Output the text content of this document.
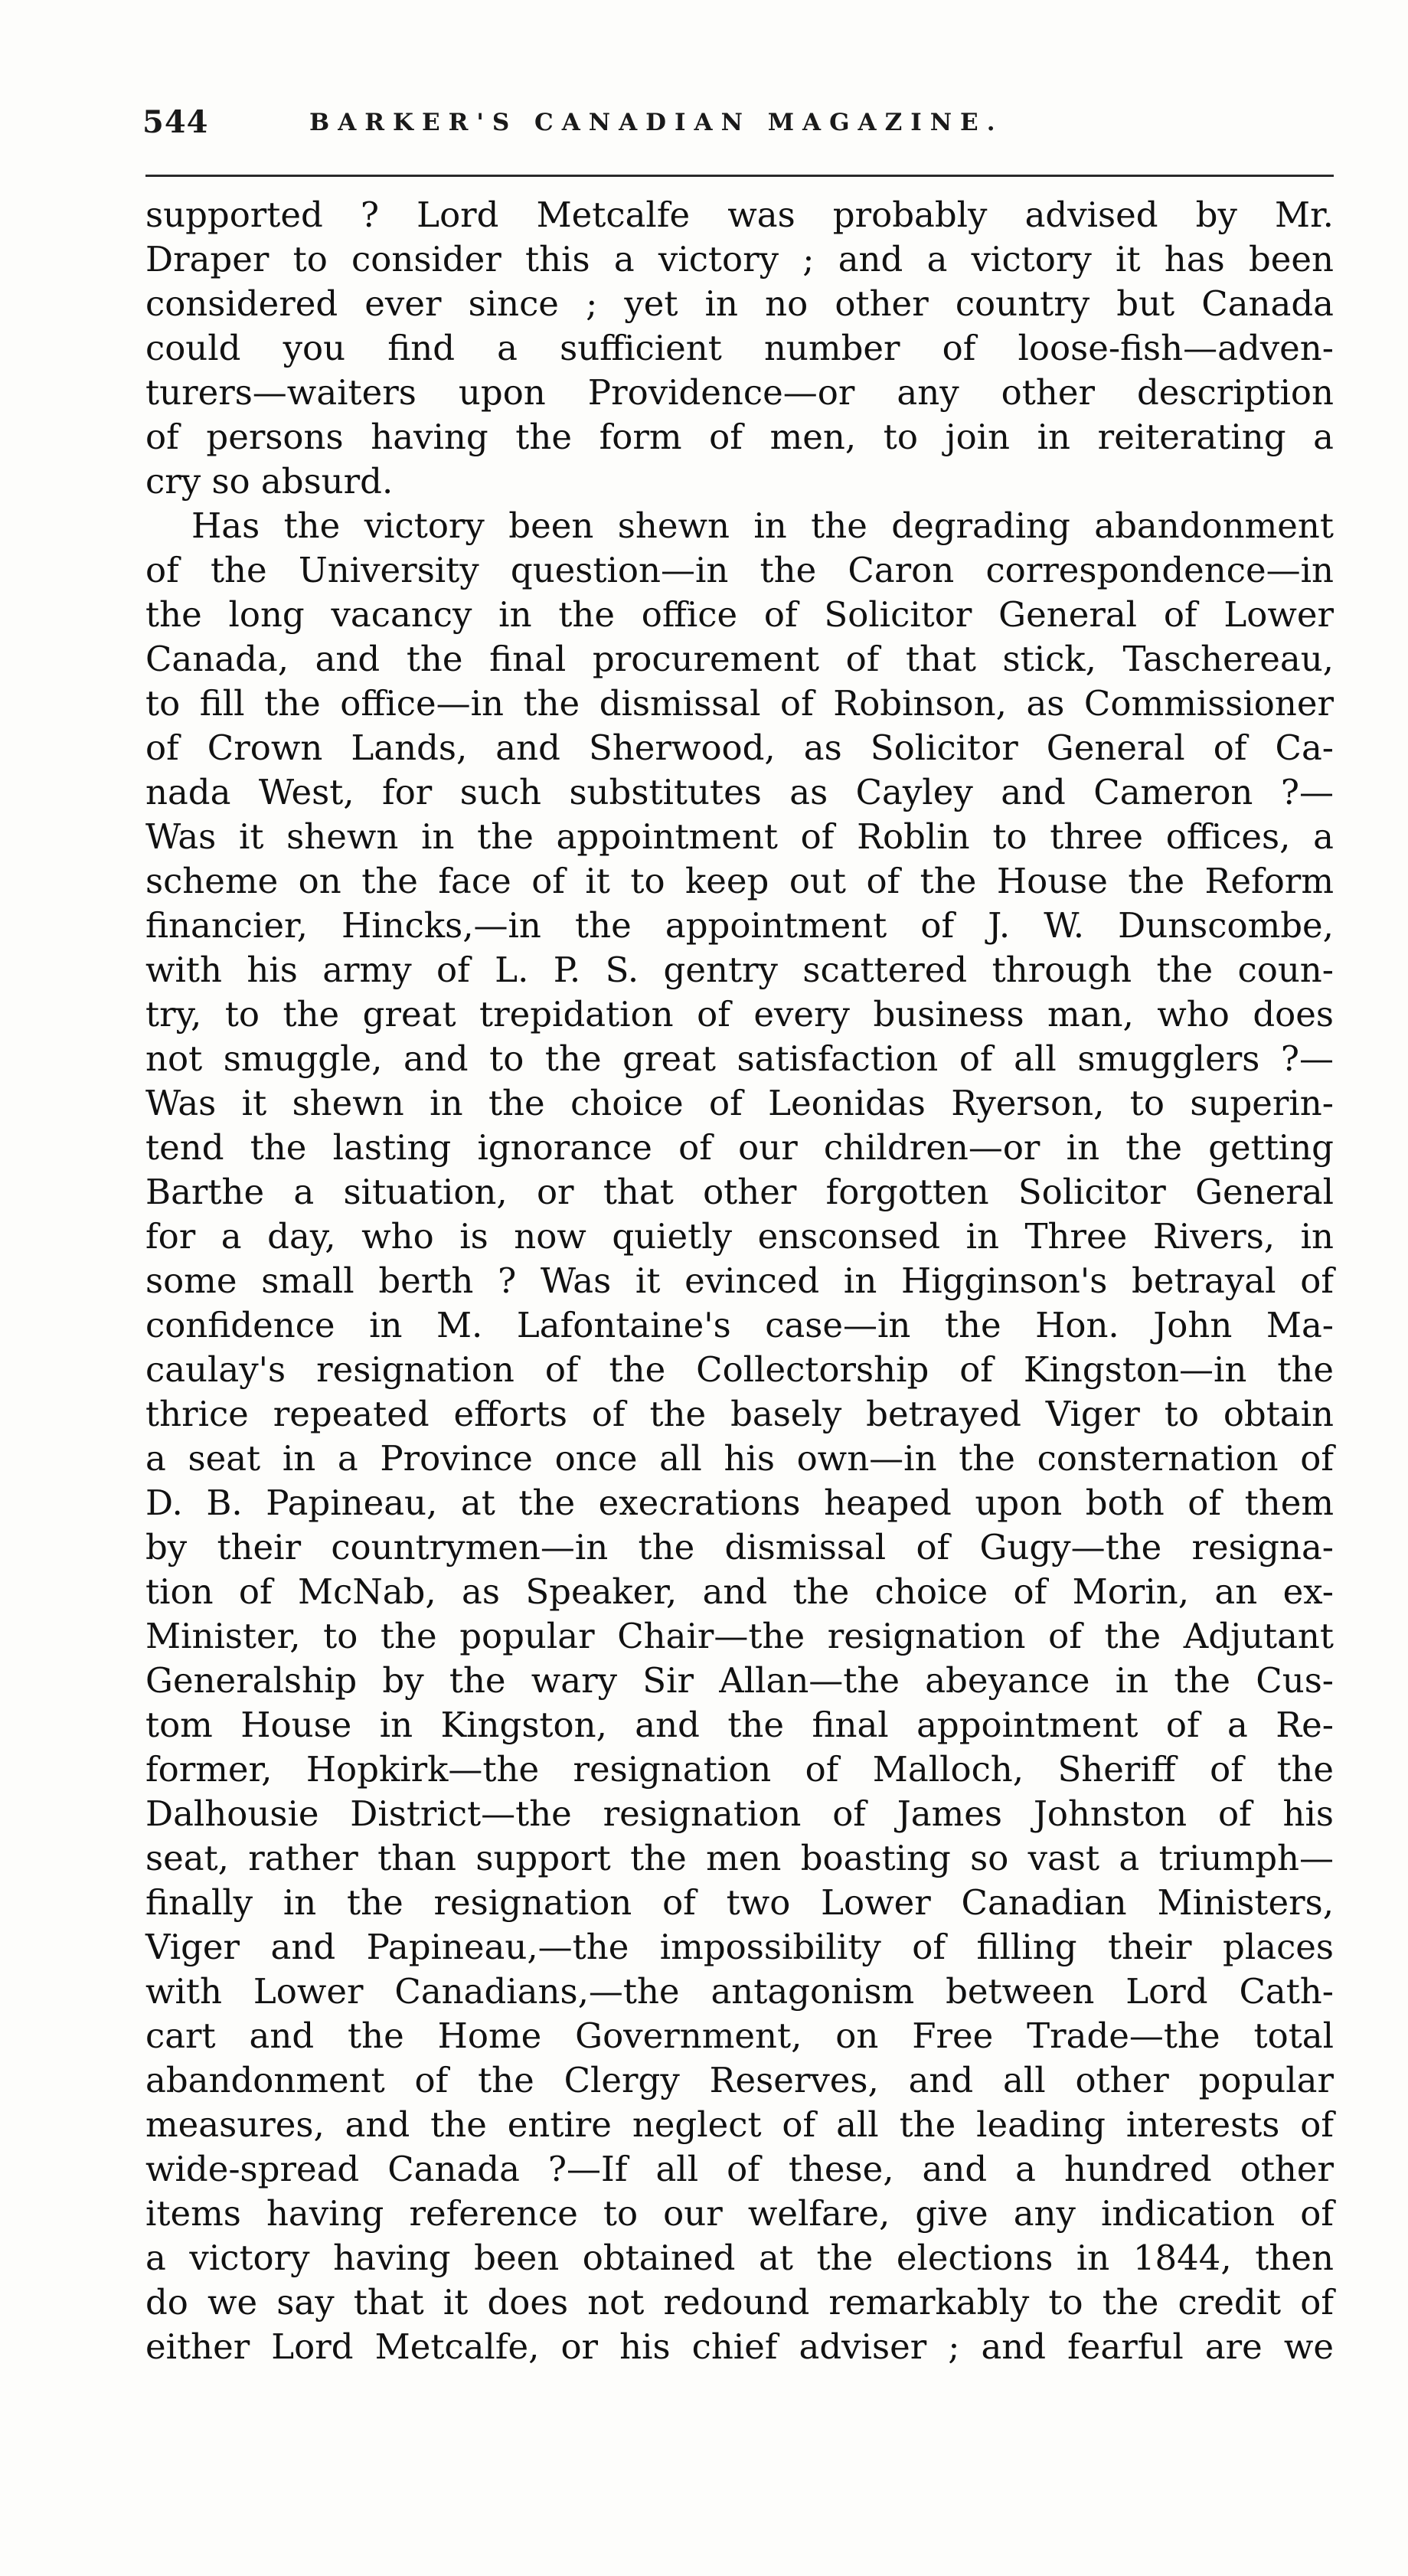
544	BARKER'S CANADIAN MAGAZINE.
supported ? Lord Metcalfe was probably advised by Mr.
Draper to consider this a victory ; and a victory it has been
considered ever since ; yet in no other country but Canada
could you find a sufficient number of loose-fish—adven-
turers—waiters upon Providence—or any other description
of persons having the form of men, to join in reiterating a
cry so absurd.
Has the victory been shewn in the degrading abandonment
of the University question—in the Caron correspondence—in
the long vacancy in the office of Solicitor General of Lower
Canada, and the final procurement of that stick, Taschereau,
to fill the office—in the dismissal of Robinson, as Commissioner
of Crown Lands, and Sherwood, as Solicitor General of Ca-
nada West, for such substitutes as Cayley and Cameron ?—
Was it shewn in the appointment of Roblin to three offices, a
scheme on the face of it to keep out of the House the Reform
financier, Hincks,—in the appointment of J. W. Dunscombe,
with his army of L. P. S. gentry scattered through the coun-
try, to the great trepidation of every business man, who does
not smuggle, and to the great satisfaction of all smugglers ?—
Was it shewn in the choice of Leonidas Ryerson, to superin-
tend the lasting ignorance of our children—or in the getting
Barthe a situation, or that other forgotten Solicitor General
for a day, who is now quietly ensconsed in Three Rivers, in
some small berth ? Was it evinced in Higginson's betrayal of
confidence in M. Lafontaine's case—in the Hon. John Ma-
caulay's resignation of the Collectorship of Kingston—in the
thrice repeated efforts of the basely betrayed Viger to obtain
a seat in a Province once all his own—in the consternation of
D. B. Papineau, at the execrations heaped upon both of them
by their countrymen—in the dismissal of Gugy—the resigna-
tion of McNab, as Speaker, and the choice of Morin, an ex-
Minister, to the popular Chair—the resignation of the Adjutant
Generalship by the wary Sir Allan—the abeyance in the Cus-
tom House in Kingston, and the final appointment of a Re-
former, Hopkirk—the resignation of Malloch, Sheriff of the
Dalhousie District—the resignation of James Johnston of his
seat, rather than support the men boasting so vast a triumph—
finally in the resignation of two Lower Canadian Ministers,
Viger and Papineau,—the impossibility of filling their places
with Lower Canadians,—the antagonism between Lord Cath-
cart and the Home Government, on Free Trade—the total
abandonment of the Clergy Reserves, and all other popular
measures, and the entire neglect of all the leading interests of
wide-spread Canada ?—If all of these, and a hundred other
items having reference to our welfare, give any indication of
a victory having been obtained at the elections in 1844, then
do we say that it does not redound remarkably to the credit of
either Lord Metcalfe, or his chief adviser ; and fearful are we
